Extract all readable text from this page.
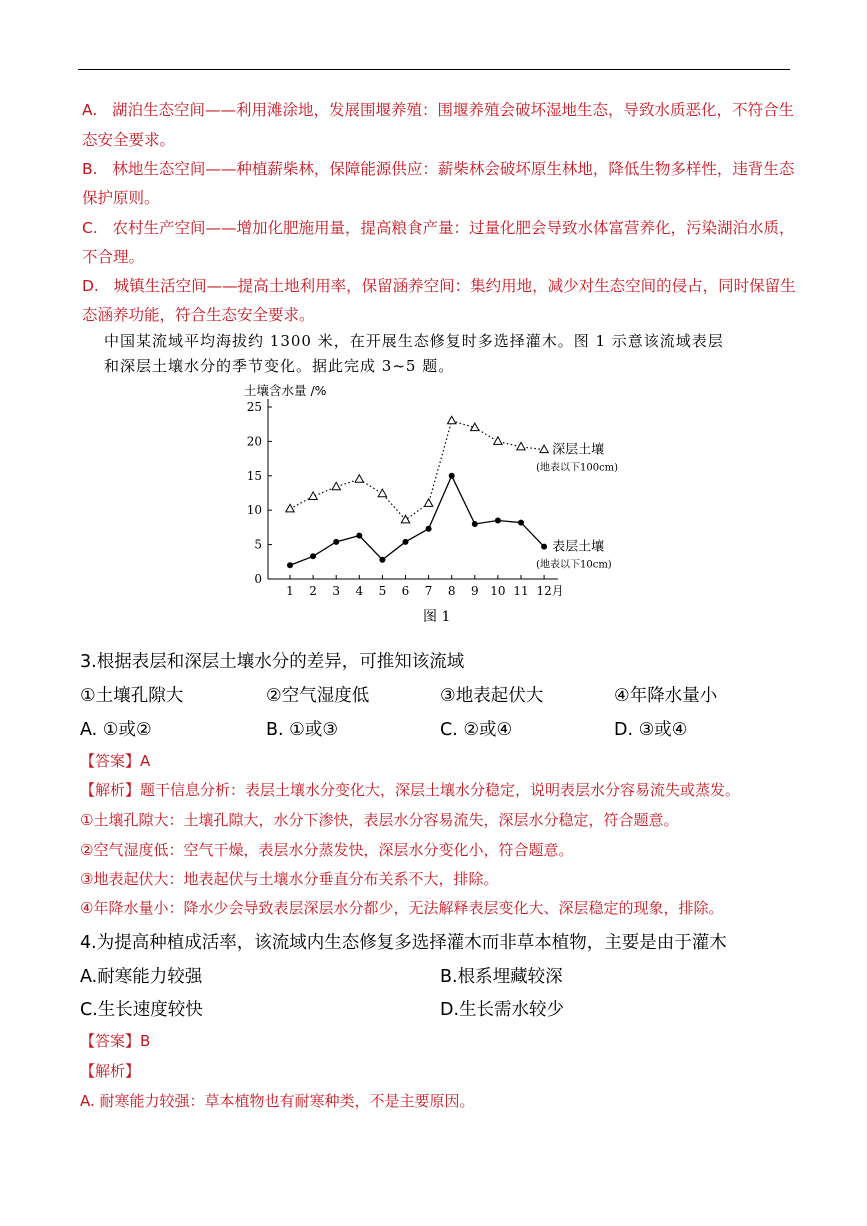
A. 湖泊生态空间——利用滩涂地，发展围堰养殖：围堰养殖会破坏湿地生态，导致水质恶化，不符合生
态安全要求。
B. 林地生态空间——种植薪柴林，保障能源供应：薪柴林会破坏原生林地，降低生物多样性，违背生态
保护原则。
C. 农村生产空间——增加化肥施用量，提高粮食产量：过量化肥会导致水体富营养化，污染湖泊水质，
不合理。
D. 城镇生活空间——提高土地利用率，保留涵养空间：集约用地，减少对生态空间的侵占，同时保留生
态涵养功能，符合生态安全要求。
中国某流域平均海拔约 1300 米，在开展生态修复时多选择灌木。图 1 示意该流域表层
和深层土壤水分的季节变化。据此完成 3~5 题。
土壤含水量 /%
0
5
10
15
20
25
1 2 3 4 5 6 7 8 9 10 11 12月
深层土壤
(地表以下100cm)
表层土壤
(地表以下10cm)
图 1
3.根据表层和深层土壤水分的差异，可推知该流域
①土壤孔隙大	②空气湿度低	③地表起伏大	④年降水量小
A. ①或②	B. ①或③	C. ②或④	D. ③或④
【答案】A
【解析】题干信息分析：表层土壤水分变化大，深层土壤水分稳定，说明表层水分容易流失或蒸发。
①土壤孔隙大：土壤孔隙大，水分下渗快，表层水分容易流失，深层水分稳定，符合题意。
②空气湿度低：空气干燥，表层水分蒸发快，深层水分变化小，符合题意。
③地表起伏大：地表起伏与土壤水分垂直分布关系不大，排除。
④年降水量小：降水少会导致表层深层水分都少，无法解释表层变化大、深层稳定的现象，排除。
4.为提高种植成活率，该流域内生态修复多选择灌木而非草本植物，主要是由于灌木
A.耐寒能力较强	B.根系埋藏较深
C.生长速度较快	D.生长需水较少
【答案】B
【解析】
A. 耐寒能力较强：草本植物也有耐寒种类，不是主要原因。
